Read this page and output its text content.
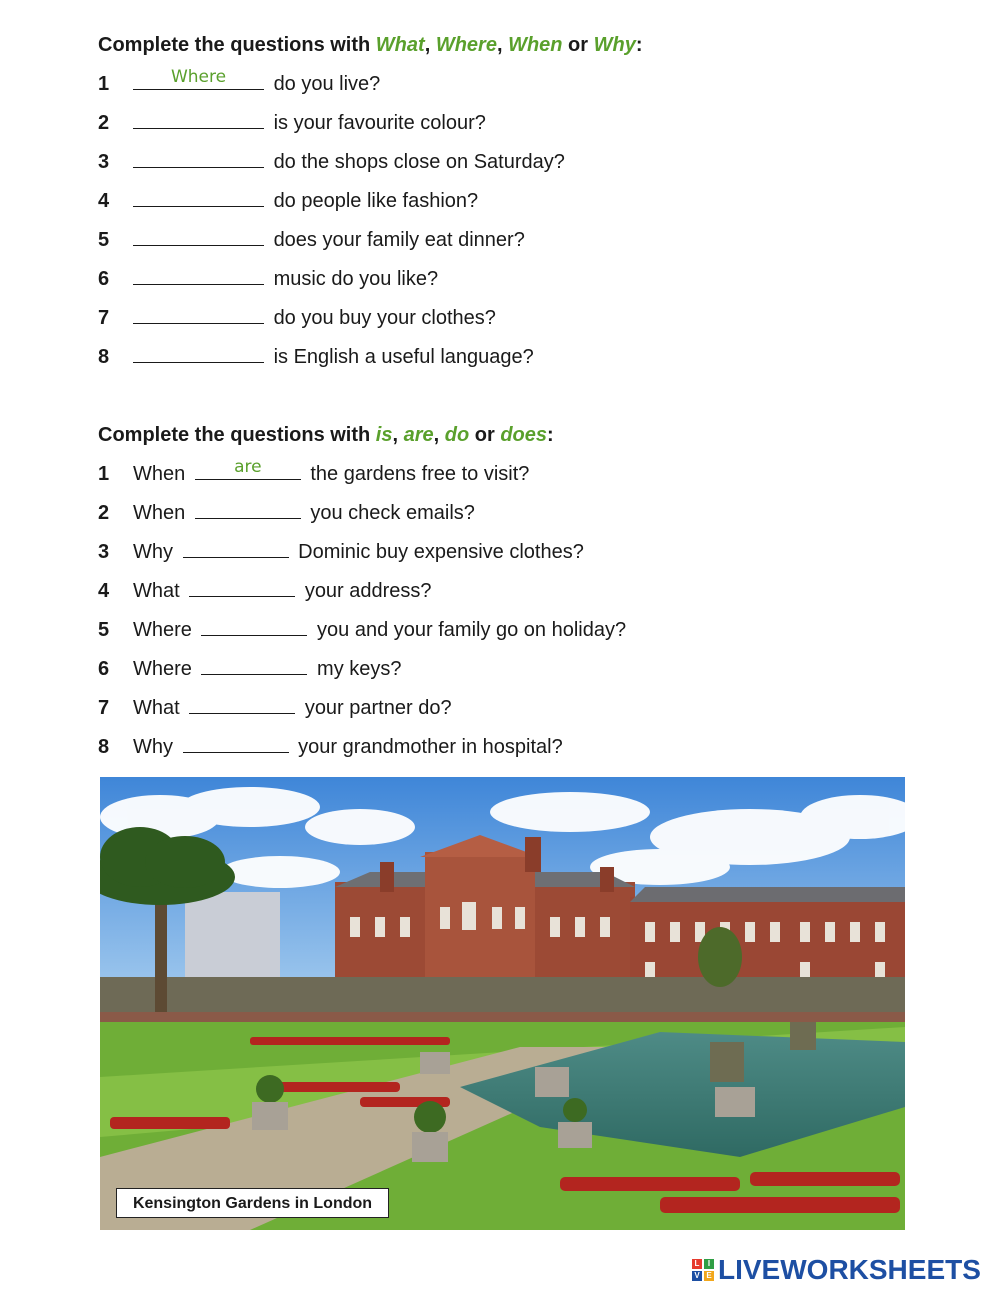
Complete the questions with What, Where, When or Why:
1	Where	do you live?
2	is your favourite colour?
3	do the shops close on Saturday?
4	do people like fashion?
5	does your family eat dinner?
6	music do you like?
7	do you buy your clothes?
8	is English a useful language?
Complete the questions with is, are, do or does:
1 When	are	the gardens free to visit?
2 When	you check emails?
3 Why	Dominic buy expensive clothes?
4 What	your address?
5 Where	you and your family go on holiday?
6 Where	my keys?
7 What	your partner do?
8 Why	your grandmother in hospital?
Kensington Gardens in London
L	I
V E LIVEWORKSHEETS
